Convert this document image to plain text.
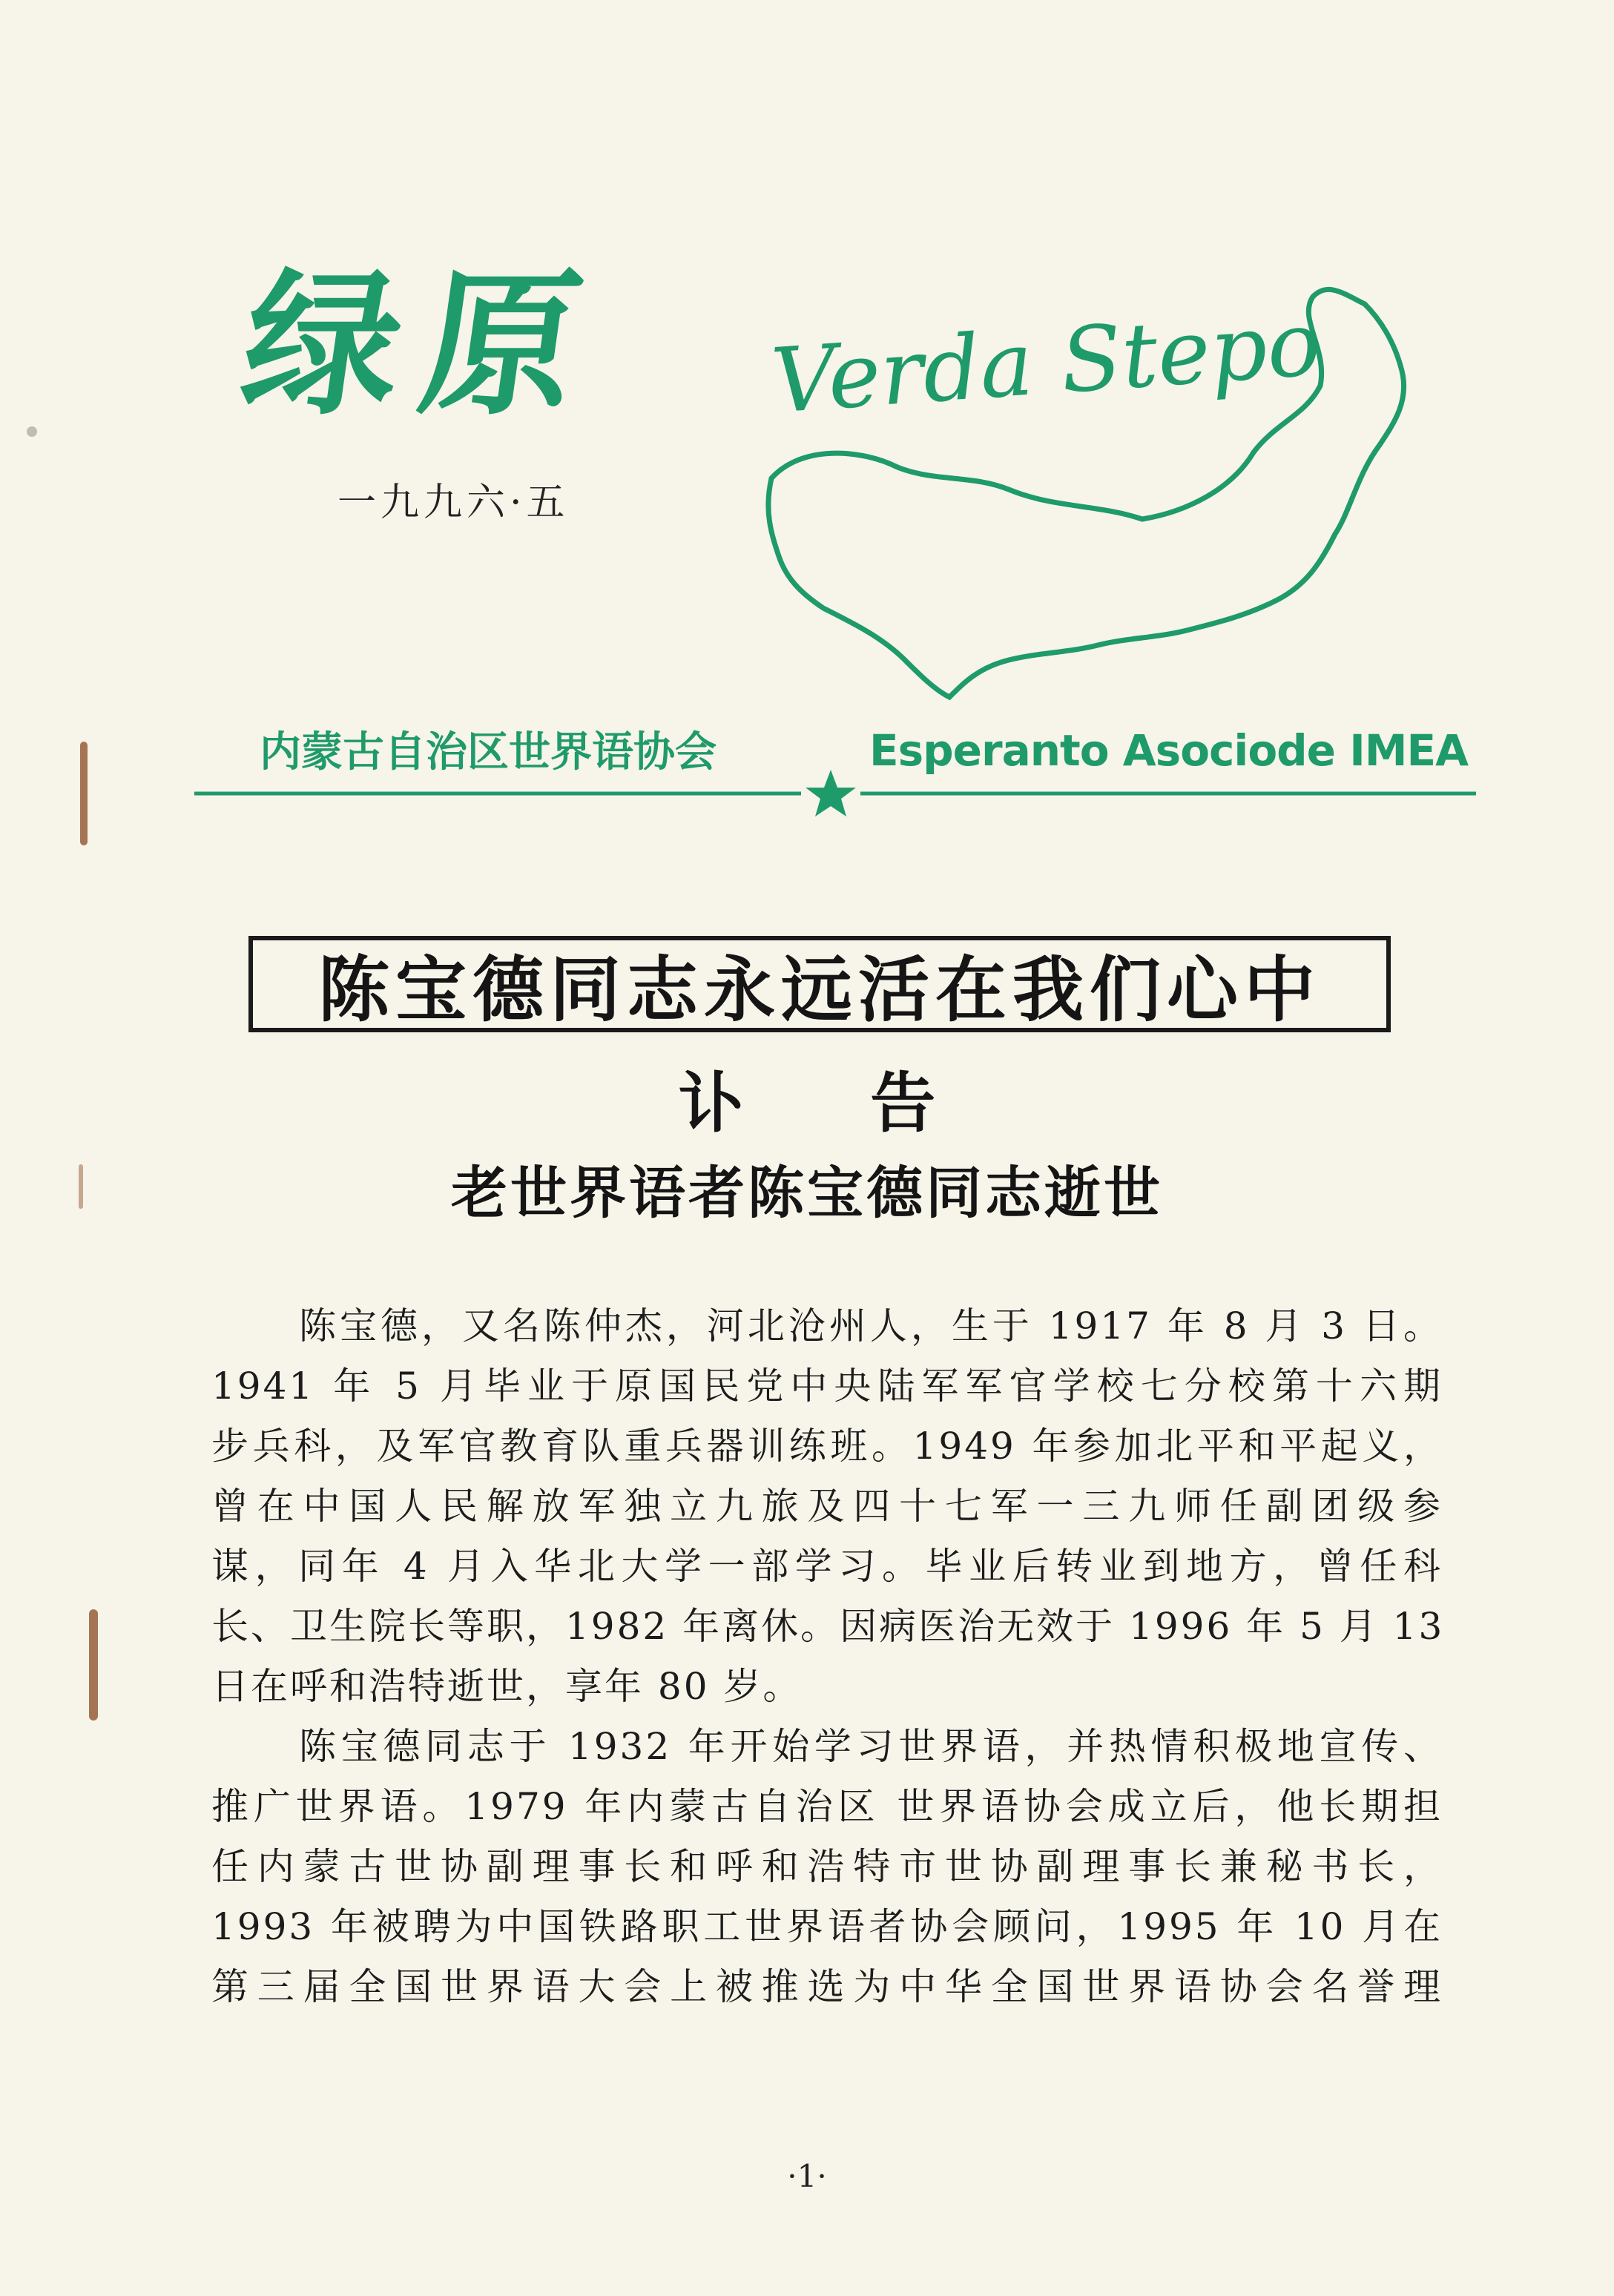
绿原 Verda Stepo
一九九六·五
内蒙古自治区世界语协会	Esperanto Asociode IMEA
陈宝德同志永远活在我们心中
讣 告
老世界语者陈宝德同志逝世
陈宝德，又名陈仲杰，河北沧州人，生于 1917 年 8 月 3 日。
1941 年 5 月毕业于原国民党中央陆军军官学校七分校第十六期
步兵科，及军官教育队重兵器训练班。1949 年参加北平和平起义，
曾在中国人民解放军独立九旅及四十七军一三九师任副团级参
谋，同年 4 月入华北大学一部学习。毕业后转业到地方，曾任科
长、卫生院长等职，1982 年离休。因病医治无效于 1996 年 5 月 13
日在呼和浩特逝世，享年 80 岁。
陈宝德同志于 1932 年开始学习世界语，并热情积极地宣传、
推广世界语。1979 年内蒙古自治区 世界语协会成立后，他长期担
任内蒙古世协副理事长和呼和浩特市世协副理事长兼秘书长，
1993 年被聘为中国铁路职工世界语者协会顾问，1995 年 10 月在
第三届全国世界语大会上被推选为中华全国世界语协会名誉理
·1·
